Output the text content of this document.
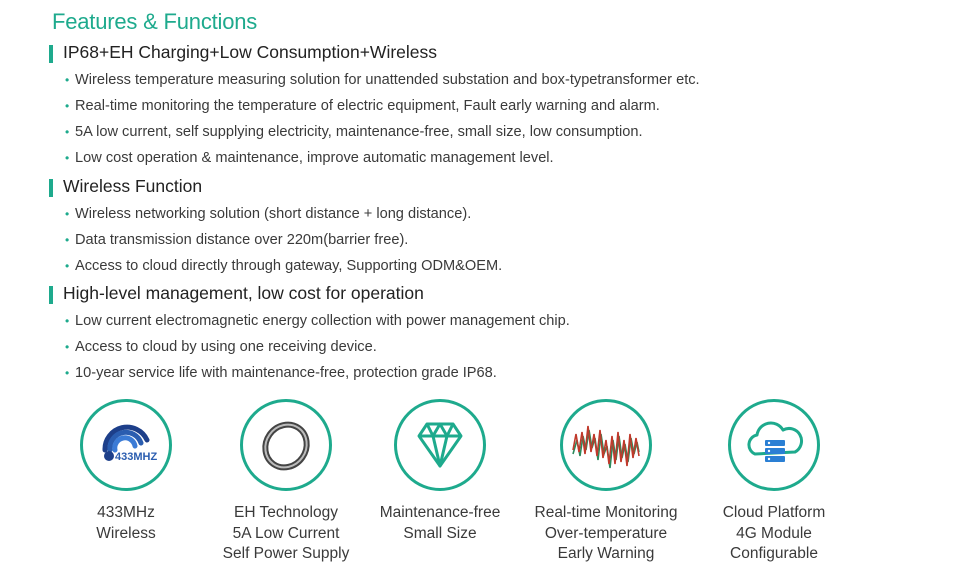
Features & Functions
IP68+EH Charging+Low Consumption+Wireless
• Wireless temperature measuring solution for unattended substation and box-typetransformer etc.
• Real-time monitoring the temperature of electric equipment, Fault early warning and alarm.
• 5A low current, self supplying electricity, maintenance-free, small size, low consumption.
• Low cost operation & maintenance, improve automatic management level.
Wireless Function
• Wireless networking solution (short distance + long distance).
• Data transmission distance over 220m(barrier free).
• Access to cloud directly through gateway, Supporting ODM&OEM.
High-level management, low cost for operation
• Low current electromagnetic energy collection with power management chip.
• Access to cloud by using one receiving device.
• 10-year service life with maintenance-free, protection grade IP68.
433MHZ
433MHz
Wireless
EH Technology
5A Low Current
Self Power Supply
Maintenance-free
Small Size
Real-time Monitoring
Over-temperature
Early Warning
Cloud Platform
4G Module
Configurable
